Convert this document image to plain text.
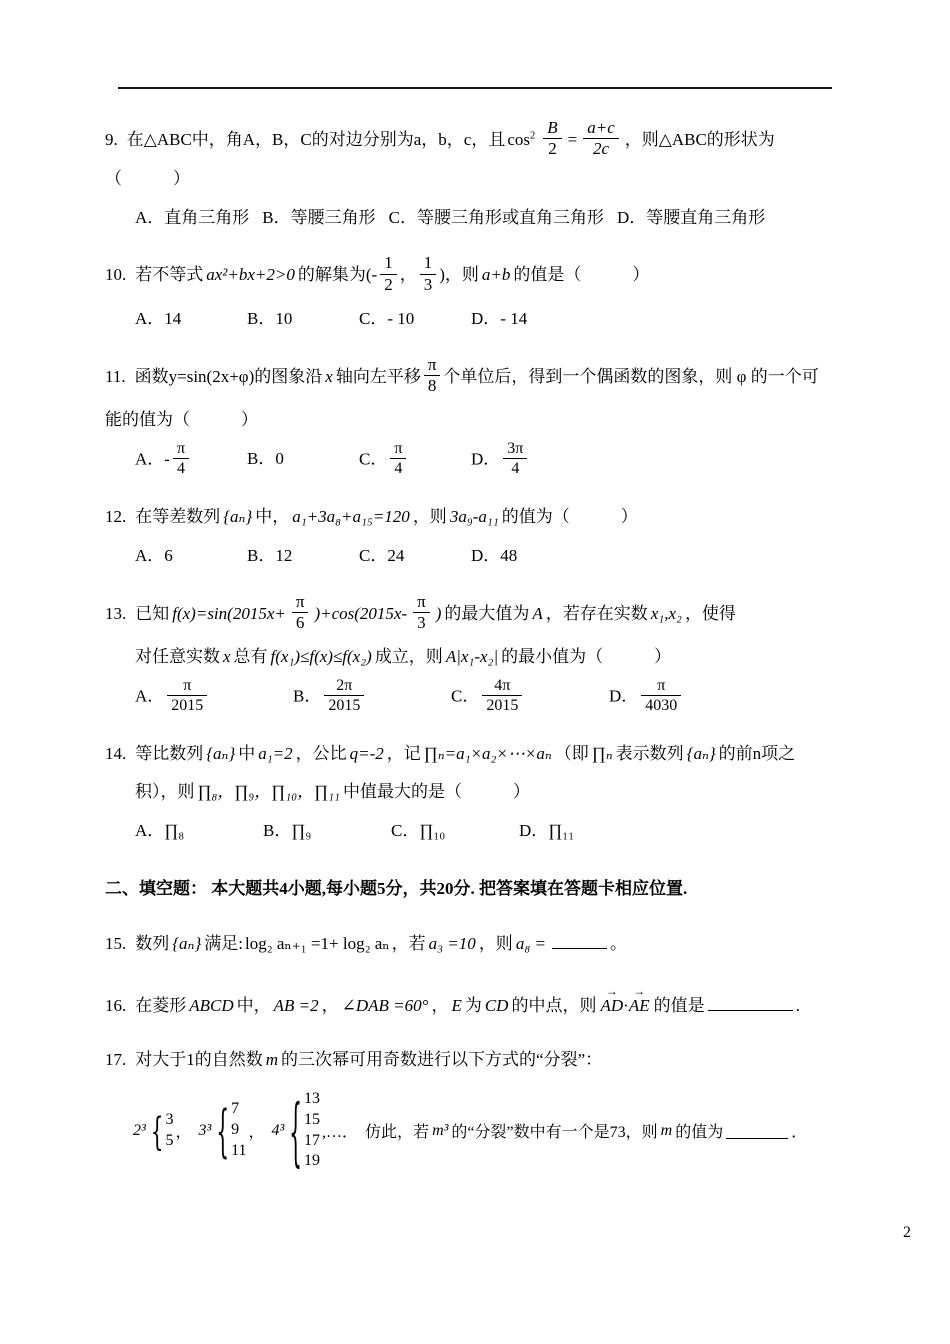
9. 在△ABC中，角A，B，C的对边分别为a，b，c，且 $\cos^2 \frac{B}{2} = \frac{a+c}{2c}$ ，则△ABC的形状为（　　　）

A．直角三角形 B．等腰三角形 C．等腰三角形或直角三角形 D．等腰直角三角形

10. 若不等式 ax²+bx+2>0 的解集为(- $\frac{1}{2}$ ， $\frac{1}{3}$ )，则 a+b 的值是（　　　）

A．14	B．10	C．- 10	D．- 14

11. 函数y=sin(2x+φ)的图象沿 x 轴向左平移 $\frac{\pi}{8}$ 个单位后，得到一个偶函数的图象，则 φ 的一个可

能的值为（　　　）

A．- $\frac{\pi}{4}$	B．0	C． $\frac{\pi}{4}$	D． $\frac{3\pi}{4}$

12. 在等差数列 {aₙ} 中， a₁+3a₈+a₁₅=120 ，则 3a₉-a₁₁ 的值为（　　　）

A．6	B．12	C．24	D．48

13. 已知 $f(x)=\sin(2015x+ \frac{\pi}{6} )+\cos(2015x- \frac{\pi}{3}$ ) 的最大值为 A ，若存在实数 x₁,x₂ ，使得

对任意实数 x 总有 f(x₁)≤f(x)≤f(x₂) 成立，则 A|x₁-x₂| 的最小值为（　　　）

A． $\frac{\pi}{2015}$	B． $\frac{2\pi}{2015}$	C． $\frac{4\pi}{2015}$	D． $\frac{\pi}{4030}$

14. 等比数列 {aₙ} 中 a₁=2 ，公比 q=-2 ，记 ∏ₙ=a₁×a₂×⋯×aₙ （即 ∏ₙ 表示数列 {aₙ} 的前n项之

积），则 ∏₈，∏₉，∏₁₀，∏₁₁ 中值最大的是（　　　）

A．∏₈	B．∏₉	C．∏₁₀	D．∏₁₁

二、填空题： 本大题共4小题,每小题5分，共20分. 把答案填在答题卡相应位置.

15. 数列 {aₙ} 满足: log₂ aₙ₊₁ =1+ log₂ aₙ ，若 a₃ =10 ，则 a₈ =	。

16. 在菱形 ABCD 中， AB =2 ， ∠DAB =60° ， E 为 CD 的中点，则 AD →·AE → 的值是	.

17. 对大于1的自然数 m 的三次幂可用奇数进行以下方式的“分裂”：

2³ { 3
5 ， 3³ { 7
9
11
， 4³ { 13
15
17
19
,…． 仿此，若 m³ 的“分裂”数中有一个是73， 则 m 的值为	．
2
